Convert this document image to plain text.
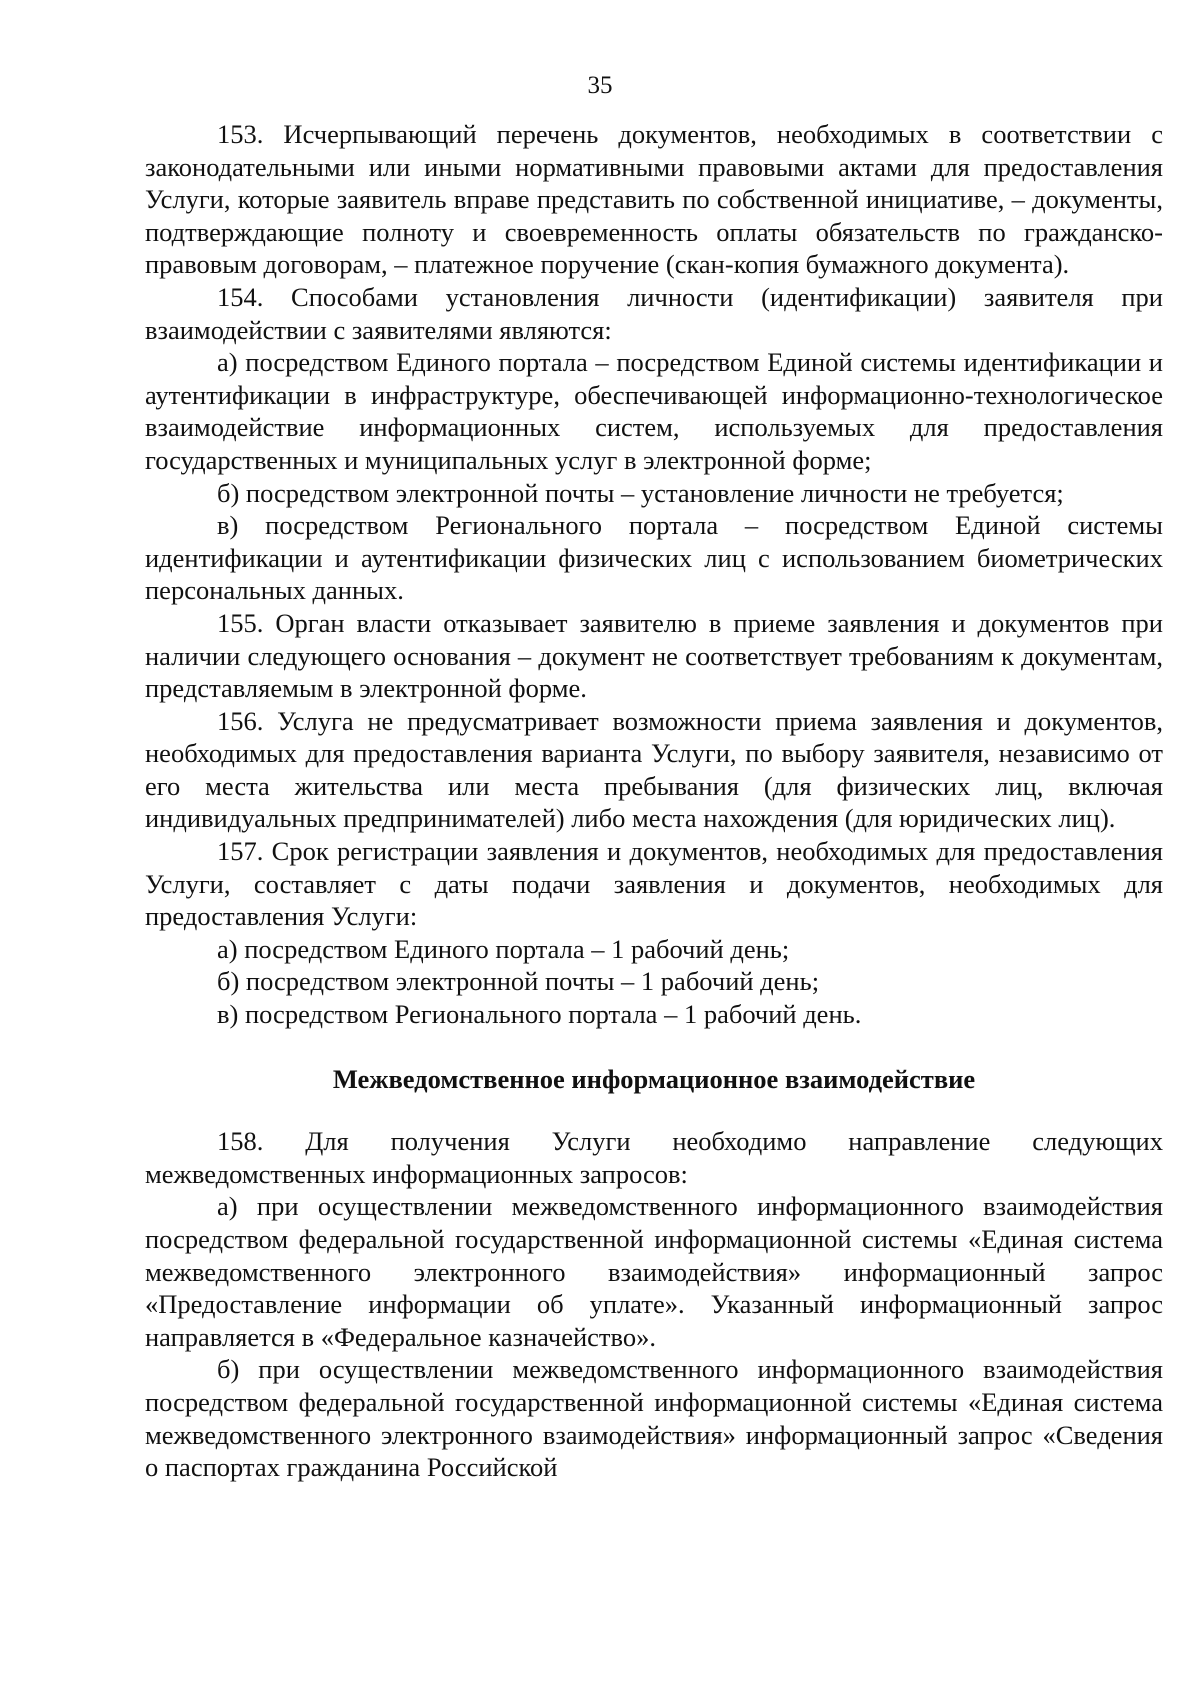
35

153. Исчерпывающий перечень документов, необходимых в соответствии с законодательными или иными нормативными правовыми актами для предоставления Услуги, которые заявитель вправе представить по собственной инициативе, – документы, подтверждающие полноту и своевременность оплаты обязательств по гражданско-правовым договорам, – платежное поручение (скан-копия бумажного документа).

154. Способами установления личности (идентификации) заявителя при взаимодействии с заявителями являются:

а) посредством Единого портала – посредством Единой системы идентификации и аутентификации в инфраструктуре, обеспечивающей информационно-технологическое взаимодействие информационных систем, используемых для предоставления государственных и муниципальных услуг в электронной форме;

б) посредством электронной почты – установление личности не требуется;

в) посредством Регионального портала – посредством Единой системы идентификации и аутентификации физических лиц с использованием биометрических персональных данных.

155. Орган власти отказывает заявителю в приеме заявления и документов при наличии следующего основания – документ не соответствует требованиям к документам, представляемым в электронной форме.

156. Услуга не предусматривает возможности приема заявления и документов, необходимых для предоставления варианта Услуги, по выбору заявителя, независимо от его места жительства или места пребывания (для физических лиц, включая индивидуальных предпринимателей) либо места нахождения (для юридических лиц).

157. Срок регистрации заявления и документов, необходимых для предоставления Услуги, составляет с даты подачи заявления и документов, необходимых для предоставления Услуги:

а) посредством Единого портала – 1 рабочий день;

б) посредством электронной почты – 1 рабочий день;

в) посредством Регионального портала – 1 рабочий день.

Межведомственное информационное взаимодействие

158. Для получения Услуги необходимо направление следующих межведомственных информационных запросов:

а) при осуществлении межведомственного информационного взаимодействия посредством федеральной государственной информационной системы «Единая система межведомственного электронного взаимодействия» информационный запрос «Предоставление информации об уплате». Указанный информационный запрос направляется в «Федеральное казначейство».

б) при осуществлении межведомственного информационного взаимодействия посредством федеральной государственной информационной системы «Единая система межведомственного электронного взаимодействия» информационный запрос «Сведения о паспортах гражданина Российской
